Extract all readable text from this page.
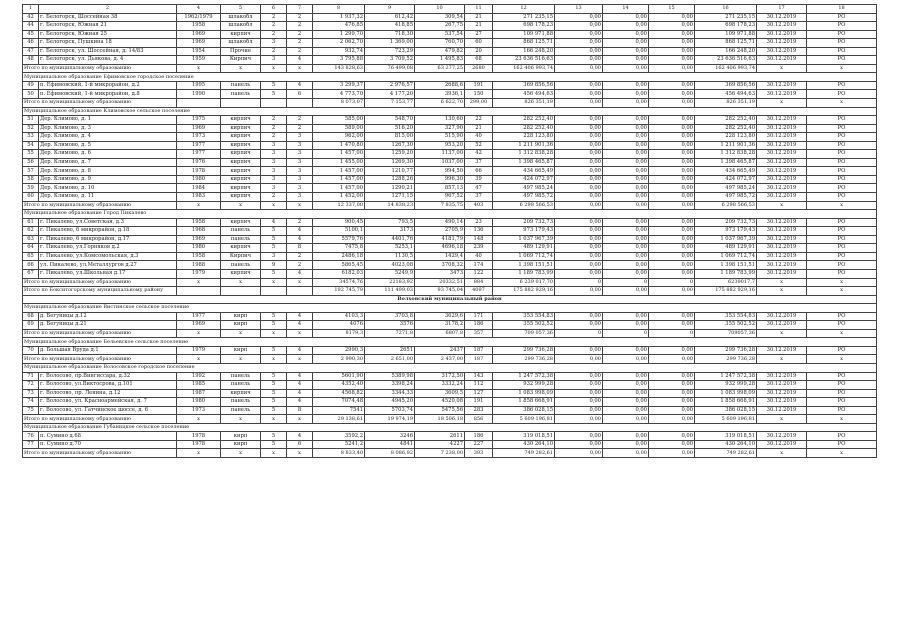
1	2	4	5	6	7	8	9	10	11	12	13	14	15	16	17	18
42	г. Белогорск, Шоссейная 38	1962/1979	шлакобл	2	2	1 937,32	612,42	309,54	21	271 235,15	0,00	0,00	0,00	271 235,15	30.12.2019	РО
44	г. Белогорск, Южная 21	1958	шлакобл	2	2	476,85	418,85	267,75	21	698 178,23	0,00	0,00	0,00	698 178,23	30.12.2019	РО
45	г. Белогорск, Южная 25	1969	кирпич	2	2	1 299,70	718,30	537,54	27	109 971,88	0,00	0,00	0,00	109 971,88	30.12.2019	РО
46	г. Белогорск, Пушкина 18	1969	шлакобл	3	2	2 062,70	1 369,00	760,70	60	868 125,71	0,00	0,00	0,00	868 125,71	30.12.2019	РО
47	г. Белогорск, ул. Шоссейная, д. 14/83	1954	Прочие	2	2	932,74	723,29	479,82	20	166 248,20	0,00	0,00	0,00	166 248,20	30.12.2019	РО
48	г. Белогорск, ул. Дьякова, д. 4	1959	Кирпич	3	4	3 795,88	3 709,52	1 495,83	68	23 636 516,63	0,00	0,00	0,00	23 636 516,63	30.12.2019	РО
Итого по муниципальному образованию		х	х	х	х	143 828,63	76 499,08	63 277,25	2680	162 406 993,74	0,00	0,00	0,00	162 406 993,74	х	х
Муниципальное образование Ефимовское городское поселение																
49	п. Ефимовский, 1-й микрорайон, д.2	1995	панель	5	4	3 299,37	2 976,57	2688,6	191	369 856,56	0,00	0,00	0,00	369 856,56	30.12.2019	РО
50	п. Ефимовский, 1-й микрорайон, д.8	1990	панель	5	6	4 773,70	4 177,20	3936,1	150	456 494,63	0,00	0,00	0,00	456 494,63	30.12.2019	РО
Итого по муниципальному образованию						8 073,07	7 153,77	6 622,70	299,00	826 351,19	0,00	0,00	0,00	826 351,19	х	х
Муниципальное образование Климовское сельское поселение																
51	Дер. Климово, д. 1	1975	кирпич	2	2	585,00	548,70	130,60	22	282 252,40	0,00	0,00	0,00	282 252,40	30.12.2019	РО
52	Дер. Климово, д. 3	1969	кирпич	2	2	589,00	516,20	327,90	21	282 252,40	0,00	0,00	0,00	282 252,40	30.12.2019	РО
53	Дер. Климово, д. 4	1973	кирпич	2	3	962,00	815,00	515,90	40	228 123,80	0,00	0,00	0,00	228 123,80	30.12.2019	РО
54	Дер. Климово, д. 5	1977	кирпич	3	3	1 470,80	1267,30	953,20	52	1 211 901,36	0,00	0,00	0,00	1 211 901,36	30.12.2019	РО
55	Дер. Климово, д. 6	1977	кирпич	3	3	1 457,00	1259,20	1137,00	42	1 312 838,28	0,00	0,00	0,00	1 312 838,28	30.12.2019	РО
56	Дер. Климово, д. 7	1976	кирпич	3	3	1 455,00	1269,30	1037,00	37	1 398 465,87	0,00	0,00	0,00	1 398 465,87	30.12.2019	РО
57	Дер. Климово, д. 8	1978	кирпич	3	3	1 457,00	1210,77	994,50	66	434 665,49	0,00	0,00	0,00	434 665,49	30.12.2019	РО
58	Дер. Климово, д. 9	1980	кирпич	3	3	1 457,00	1288,26	996,30	39	424 072,97	0,00	0,00	0,00	424 072,97	30.12.2019	РО
59	Дер. Климово, д. 10	1984	кирпич	3	3	1 457,00	1290,21	857,13	47	497 985,24	0,00	0,00	0,00	497 985,24	30.12.2019	РО
60	Дер. Климово, д. 11	1983	кирпич	2	3	1 452,00	1271,15	967,52	37	497 985,72	0,00	0,00	0,00	497 985,72	30.12.2019	РО
Итого по муниципальному образованию		х	х	х	х	12 337,00	14 838,23	7 835,75	403	6 298 566,53	0,00	0,00	0,00	6 298 566,53	х	х
Муниципальное образование Город Пикалево																
61	г. Пикалево, ул.Советская, д.3	1958	кирпич	4	2	900,45	793,5	490,14	23	209 732,73	0,00	0,00	0,00	209 732,73	30.12.2019	РО
62	г. Пикалево, 6 микрорайон, д.18	1968	панель	5	4	5100,1	3173	2705,9	136	973 179,43	0,00	0,00	0,00	973 179,43	30.12.2019	РО
63	г. Пикалево, 6 микрорайон, д.17	1969	панель	5	4	5579,76	4401,76	4181,79	148	1 037 967,39	0,00	0,00	0,00	1 037 967,39	30.12.2019	РО
64	г. Пикалево, ул.Горняков д.2	1980	кирпич	5	8	7475,8	5253,1	4696,18	239	489 129,91	0,00	0,00	0,00	489 129,91	30.12.2019	РО
65	г. Пикалево, ул.Комсомольская, д.3	1958	Кирпич	3	2	2486,18	1130,5	1429,4	40	1 069 712,74	0,00	0,00	0,00	1 069 712,74	30.12.2019	РО
66	ул. Пикалево, ул.Металлургов д.27	1988	панель	9	2	5865,45	4023,08	3708,32	174	1 398 151,51	0,00	0,00	0,00	1 398 151,51	30.12.2019	РО
67	г. Пикалево, ул.Школьная д.17	1979	кирпич	5	4	6182,03	5249,9	3473	122	1 189 783,99	0,00	0,00	0,00	1 189 783,99	30.12.2019	РО
Итого по муниципальному образованию		х	х	х	х	34574,76	22183,92	20332,51	884	6 239 017,70	0	0	0	6239017,7	х	х
Итого по Бокситогорскому муниципальному району						192 745,79	111 499,03	93 745,04	4097	175 882 929,16	0,00	0,00	0,00	175 882 929,16	х	х
Волховский муниципальный район																
Муниципальное образование Вистинское сельское поселение																
68	д. Бегуницы д.12	1977	кирп	5	4	4103,3	3703,8	3629,6	171	353 554,83	0,00	0,00	0,00	353 554,83	30.12.2019	РО
69	д. Бегуницы д.21	1969	кирп	5	4	4076	3576	3178,2	186	355 502,52	0,00	0,00	0,00	355 502,52	30.12.2019	РО
Итого по муниципальному образованию		х	х	х	х	8179,3	7271,8	6807,8	357	709 057,36	0	0	0	709057,36	х	х
Муниципальное образование Бельевское сельское поселение																
70	д. Большая Вруда д.1	1979	кирп	5	4	2990,3	2651	2437	187	299 736,28	0,00	0,00	0,00	299 736,28	30.12.2019	РО
Итого по муниципальному образованию		х	х	х	х	2 990,30	2 651,00	2 437,00	187	299 736,28	0,00	0,00	0,00	299 736,28	х	х
Муниципальное образование Волосовское городское поселение																
71	г. Волосово, пр.Вингиссара, д.32	1992	панель	5	4	5601,90	5389,98	3172,50	143	1 247 572,38	0,00	0,00	0,00	1 247 572,38	30.12.2019	РО
72	г. Волосово, ул.Виктосрова, д.101	1985	панель	5	4	4352,40	3398,24	3332,24	112	932 999,28	0,00	0,00	0,00	932 999,28	30.12.2019	РО
73	г. Волосово, пр. Ленина, д.12	1987	кирпич	5	4	4568,82	3344,33	3609,5	127	1 083 998,09	0,00	0,00	0,00	1 083 998,09	30.12.2019	РО
74	г. Волосово, ул. Красноармейская, д. 7	1980	панель	5	4	7074,48	4945,20	4520,08	191	1 858 668,91	0,00	0,00	0,00	1 858 668,91	30.12.2019	РО
75	г. Волосово, ул. Гатчинское шоссе, д. 6	1973	панель	5	8	7541	5703,74	5475,56	283	386 028,15	0,00	0,00	0,00	386 028,15	30.12.2019	РО
Итого по муниципальному образованию		х	х	х	х	29 138,61	19 974,19	18 506,18	856	5 609 196,81	0,00	0,00	0,00	5 609 196,81	х	х
Муниципальное образование Губаницкое сельское поселение																
76	п. Сумино д.68	1978	кирп	5	4	3592,2	3246	2611	186	319 018,51	0,00	0,00	0,00	319 018,51	30.12.2019	РО
77	п. Сумино д.70	1978	кирп	5	6	5241,2	4841	4227	227	430 264,10	0,00	0,00	0,00	430 264,10	30.12.2019	РО
Итого по муниципальному образованию		х	х	х	х	8 833,40	8 086,92	7 238,00	393	749 282,61	0,00	0,00	0,00	749 282,61	х	х
